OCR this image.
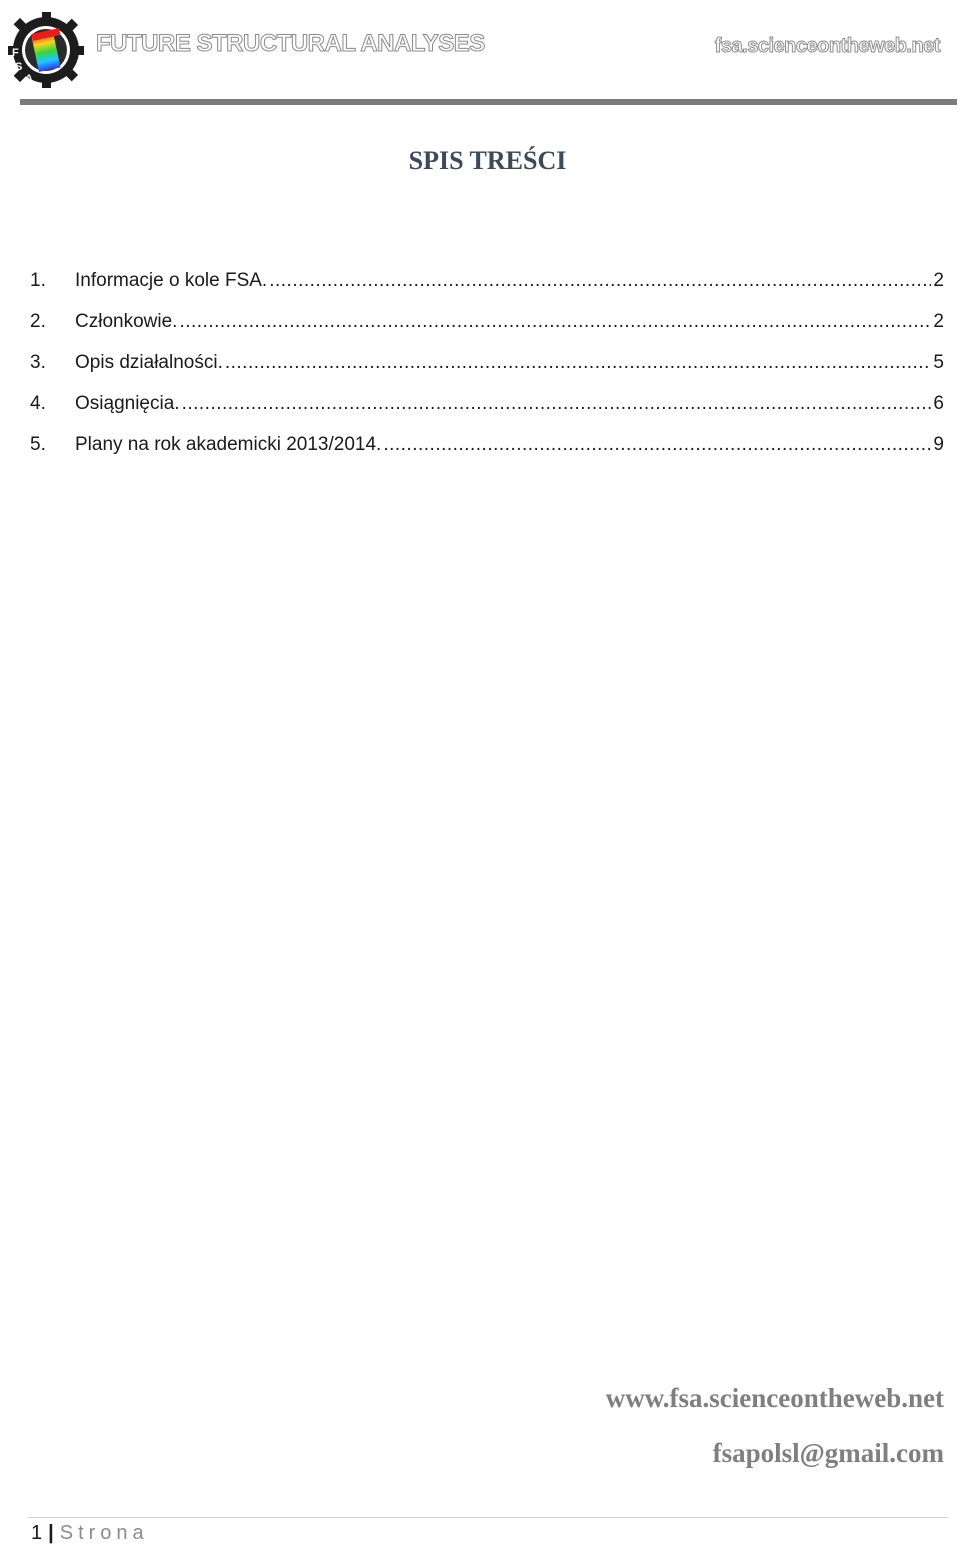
F
S
A
FUTURE STRUCTURAL ANALYSES	fsa.scienceontheweb.net
SPIS TREŚCI
1.	Informacje o kole FSA. .....	2
2.	Członkowie. .....	2
3.	Opis działalności. .....	5
4.	Osiągnięcia. .....	6
5.	Plany na rok akademicki 2013/2014. .....	9
www.fsa.scienceontheweb.net
fsapolsl@gmail.com
1 | Strona
